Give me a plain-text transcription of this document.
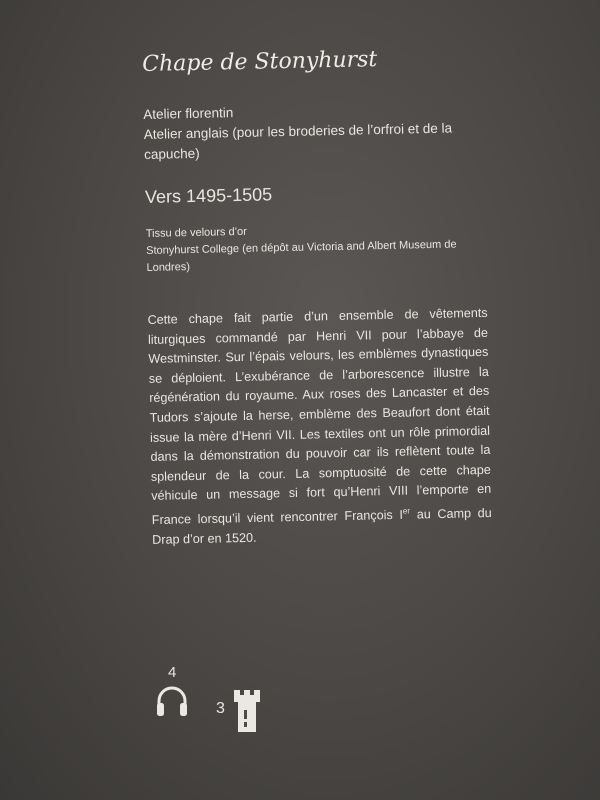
Chape de Stonyhurst

Atelier florentin

Atelier anglais (pour les broderies de l’orfroi et de la capuche)

Vers 1495-1505

Tissu de velours d’or

Stonyhurst College (en dépôt au Victoria and Albert Museum de Londres)

Cette chape fait partie d’un ensemble de vêtements liturgiques commandé par Henri VII pour l’abbaye de Westminster. Sur l’épais velours, les emblèmes dynastiques se déploient. L’exubérance de l’arborescence illustre la régénération du royaume. Aux roses des Lancaster et des Tudors s’ajoute la herse, emblème des Beaufort dont était issue la mère d’Henri VII. Les textiles ont un rôle primordial dans la démonstration du pouvoir car ils reflètent toute la splendeur de la cour. La somptuosité de cette chape véhicule un message si fort qu’Henri VIII l’emporte en France lorsqu’il vient rencontrer François Ier au Camp du Drap d’or en 1520.

4
3
